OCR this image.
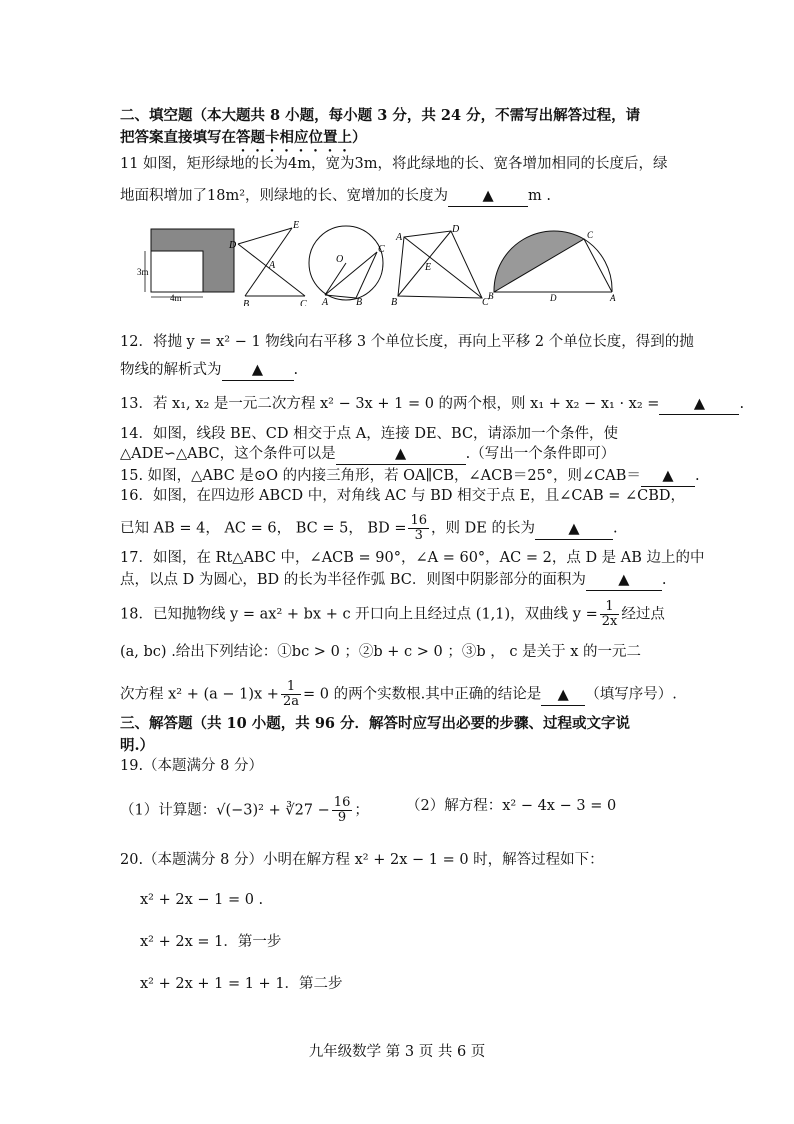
二、填空题（本大题共 8 小题，每小题 3 分，共 24 分，不需写出解答过程，请
把答案直接填写在答题卡相应位置上）
11 如图，矩形绿地的长为4m，宽为3m，将此绿地的长、宽各增加相同的长度后，绿
地面积增加了18m²，则绿地的长、宽增加的长度为 ▲ m .
3m
4m
D
E
A
B	C
O
A	B
C
A
D
E
B	C
C
B	D	A
12．将抛 y = x² − 1 物线向右平移 3 个单位长度，再向上平移 2 个单位长度，得到的抛
物线的解析式为 ▲ .
13．若 x₁, x₂ 是一元二次方程 x² − 3x + 1 = 0 的两个根，则 x₁ + x₂ − x₁ · x₂ = ▲ .
14．如图，线段 BE、CD 相交于点 A，连接 DE、BC，请添加一个条件，使
△ADE∽△ABC，这个条件可以是	▲	.（写出一个条件即可）
15. 如图，△ABC 是⊙O 的内接三角形，若 OA∥CB，∠ACB＝25°，则∠CAB＝ ▲ .
16．如图，在四边形 ABCD 中，对角线 AC 与 BD 相交于点 E，且∠CAB = ∠CBD，
已知 AB = 4， AC = 6， BC = 5， BD = $\frac{16}{3}$ ，则 DE 的长为 ▲ .
17．如图，在 Rt△ABC 中，∠ACB = 90°，∠A = 60°，AC = 2，点 D 是 AB 边上的中
点，以点 D 为圆心，BD 的长为半径作弧 BC．则图中阴影部分的面积为 ▲ .
18．已知抛物线 y = ax² + bx + c 开口向上且经过点 (1,1)，双曲线 $y = \frac{1}{2x}$ 经过点
(a, bc) .给出下列结论：①bc > 0 ；②b + c > 0 ；③b ， c 是关于 x 的一元二
次方程 $x^2 + (a - 1)x + \frac{1}{2a} = 0$ 的两个实数根.其中正确的结论是 ▲ （填写序号）.
三、解答题（共 10 小题，共 96 分．解答时应写出必要的步骤、过程或文字说
明.）
19.（本题满分 8 分）
（1）计算题：√(−3)² + ∛27 − $\frac{16}{9}$ ；	（2）解方程：x² − 4x − 3 = 0
20.（本题满分 8 分）小明在解方程 x² + 2x − 1 = 0 时，解答过程如下：
x² + 2x − 1 = 0 .
x² + 2x = 1．第一步
x² + 2x + 1 = 1 + 1．第二步
九年级数学 第 3 页 共 6 页
